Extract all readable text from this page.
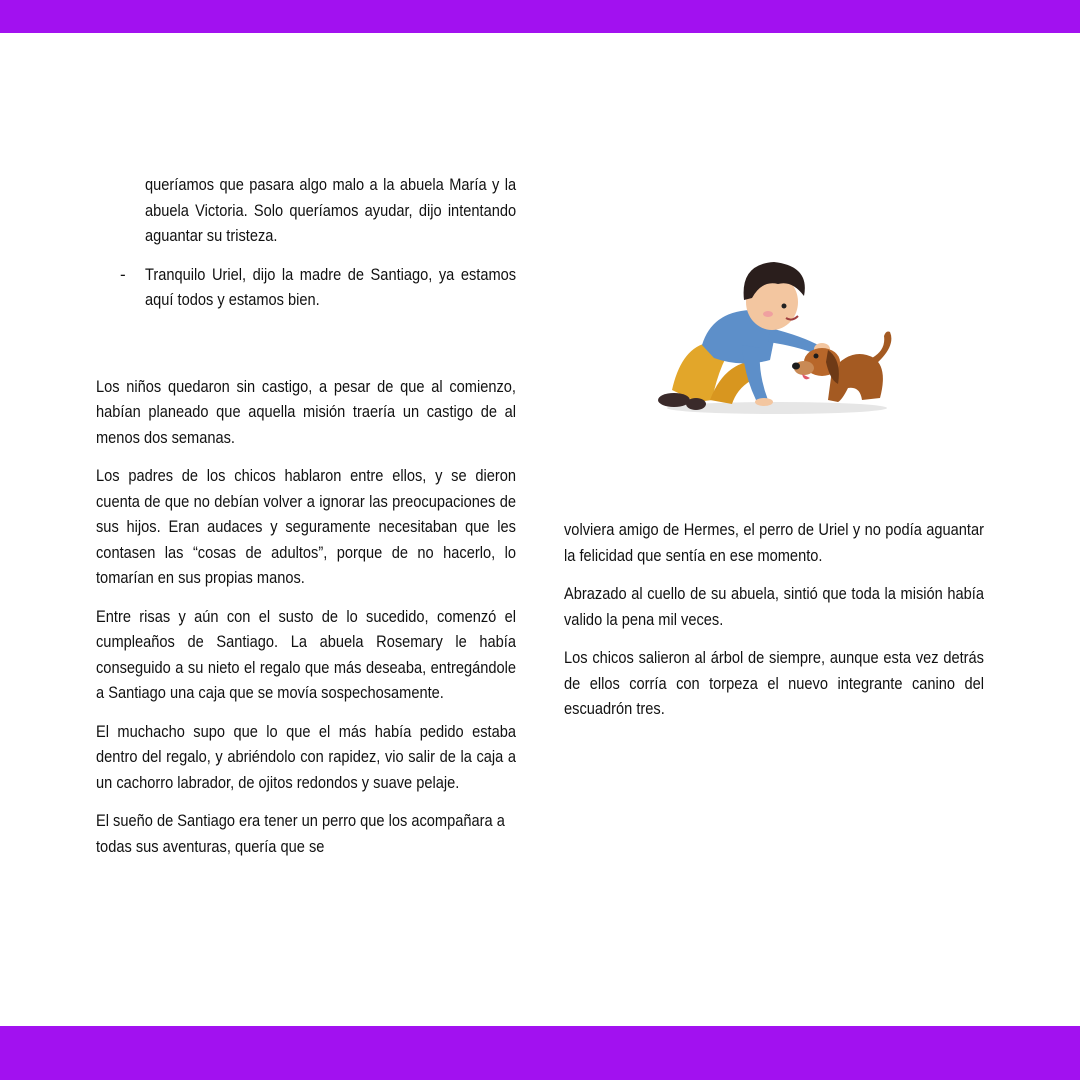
queríamos que pasara algo malo a la abuela María y la abuela Victoria. Solo queríamos ayudar, dijo intentando aguantar su tristeza.

- Tranquilo Uriel, dijo la madre de Santiago, ya estamos aquí todos y estamos bien.

Los niños quedaron sin castigo, a pesar de que al comienzo, habían planeado que aquella misión traería un castigo de al menos dos semanas.

Los padres de los chicos hablaron entre ellos, y se dieron cuenta de que no debían volver a ignorar las preocupaciones de sus hijos. Eran audaces y seguramente necesitaban que les contasen las “cosas de adultos”, porque de no hacerlo, lo tomarían en sus propias manos.

Entre risas y aún con el susto de lo sucedido, comenzó el cumpleaños de Santiago. La abuela Rosemary le había conseguido a su nieto el regalo que más deseaba, entregándole a Santiago una caja que se movía sospechosamente.

El muchacho supo que lo que el más había pedido estaba dentro del regalo, y abriéndolo con rapidez, vio salir de la caja a un cachorro labrador, de ojitos redondos y suave pelaje.

El sueño de Santiago era tener un perro que los acompañara a todas sus aventuras, quería que se

volviera amigo de Hermes, el perro de Uriel y no podía aguantar la felicidad que sentía en ese momento.

Abrazado al cuello de su abuela, sintió que toda la misión había valido la pena mil veces.

Los chicos salieron al árbol de siempre, aunque esta vez detrás de ellos corría con torpeza el nuevo integrante canino del escuadrón tres.
